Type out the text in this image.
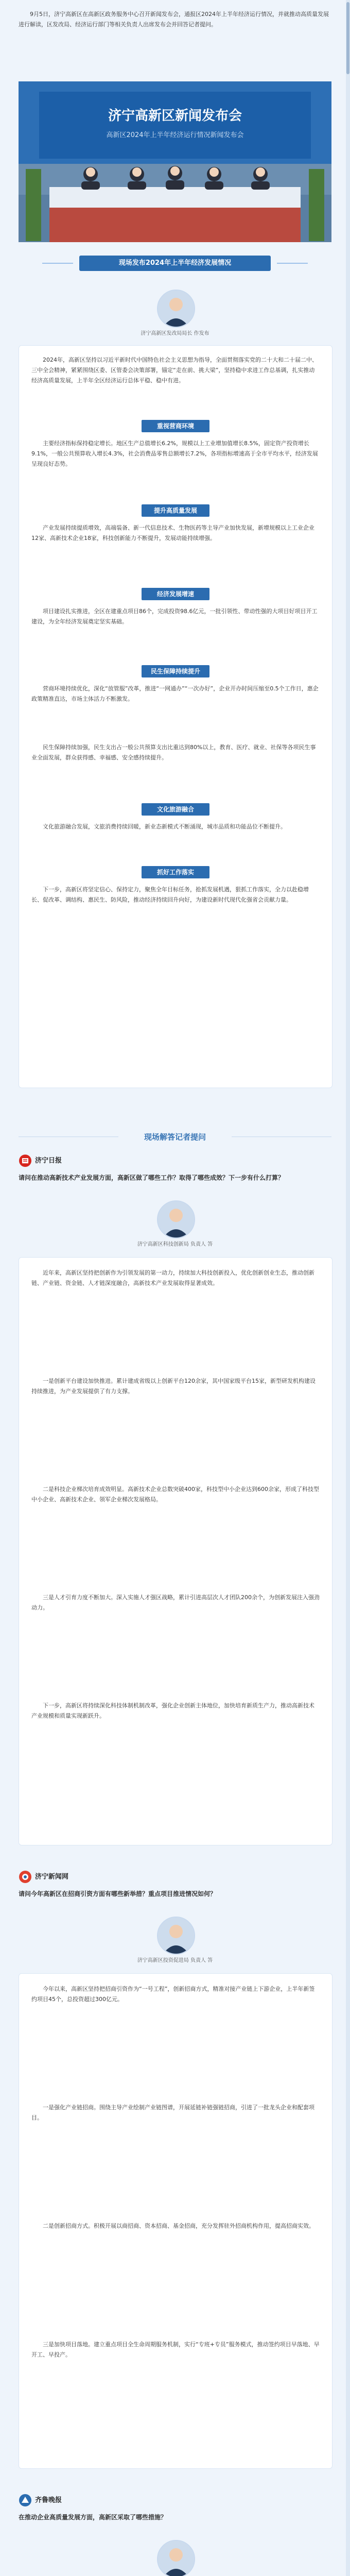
9月5日，济宁高新区在高新区政务服务中心召开新闻发布会，通报区2024年上半年经济运行情况，并就推动高质量发展进行解读，区发改局、经济运行部门等相关负责人出席发布会并回答记者提问。
济宁高新区新闻发布会
高新区2024年上半年经济运行情况新闻发布会
现场发布2024年上半年经济发展情况
济宁高新区发改局局长 作发布
2024年，高新区坚持以习近平新时代中国特色社会主义思想为指导，全面贯彻落实党的二十大和二十届二中、三中全会精神，紧紧围绕区委、区管委会决策部署，锚定“走在前、挑大梁”，坚持稳中求进工作总基调，扎实推动经济高质量发展，上半年全区经济运行总体平稳、稳中有进。
重视营商环境
主要经济指标保持稳定增长。地区生产总值增长6.2%，规模以上工业增加值增长8.5%，固定资产投资增长9.1%，一般公共预算收入增长4.3%，社会消费品零售总额增长7.2%，各项指标增速高于全市平均水平，经济发展呈现良好态势。
提升高质量发展
产业发展持续提质增效，高端装备、新一代信息技术、生物医药等主导产业加快发展，新增规模以上工业企业12家、高新技术企业18家，科技创新能力不断提升，发展动能持续增强。
经济发展增速
项目建设扎实推进，全区在建重点项目86个，完成投资98.6亿元，一批引领性、带动性强的大项目好项目开工建设，为全年经济发展奠定坚实基础。
民生保障持续提升
营商环境持续优化，深化“放管服”改革，推进“一网通办”“一次办好”，企业开办时间压缩至0.5个工作日，惠企政策精准直达，市场主体活力不断激发。
民生保障持续加强，民生支出占一般公共预算支出比重达到80%以上，教育、医疗、就业、社保等各项民生事业全面发展，群众获得感、幸福感、安全感持续提升。
文化旅游融合
文化旅游融合发展，文旅消费持续回暖，新业态新模式不断涌现，城市品质和功能品位不断提升。
抓好工作落实
下一步，高新区将坚定信心、保持定力，聚焦全年目标任务，抢抓发展机遇，狠抓工作落实，全力以赴稳增长、促改革、调结构、惠民生、防风险，推动经济持续回升向好，为建设新时代现代化强省会贡献力量。
现场解答记者提问
济宁日报
请问在推动高新技术产业发展方面，高新区做了哪些工作？取得了哪些成效？下一步有什么打算？
济宁高新区科技创新局 负责人 答
近年来，高新区坚持把创新作为引领发展的第一动力，持续加大科技创新投入，优化创新创业生态，推动创新链、产业链、资金链、人才链深度融合，高新技术产业发展取得显著成效。
一是创新平台建设加快推进。累计建成省级以上创新平台120余家，其中国家级平台15家，新型研发机构建设持续推进，为产业发展提供了有力支撑。
二是科技企业梯次培育成效明显。高新技术企业总数突破400家，科技型中小企业达到600余家，形成了科技型中小企业、高新技术企业、领军企业梯次发展格局。
三是人才引育力度不断加大。深入实施人才强区战略，累计引进高层次人才团队200余个，为创新发展注入强劲动力。
下一步，高新区将持续深化科技体制机制改革，强化企业创新主体地位，加快培育新质生产力，推动高新技术产业规模和质量实现新跃升。
济宁新闻网
请问今年高新区在招商引资方面有哪些新举措？重点项目推进情况如何？
济宁高新区投资促进局 负责人 答
今年以来，高新区坚持把招商引资作为“一号工程”，创新招商方式，精准对接产业链上下游企业，上半年新签约项目45个，总投资超过300亿元。
一是强化产业链招商。围绕主导产业绘制产业链图谱，开展延链补链强链招商，引进了一批龙头企业和配套项目。
二是创新招商方式。积极开展以商招商、资本招商、基金招商，充分发挥驻外招商机构作用，提高招商实效。
三是加快项目落地。建立重点项目全生命周期服务机制，实行“专班+专员”服务模式，推动签约项目早落地、早开工、早投产。
齐鲁晚报
在推动企业高质量发展方面，高新区采取了哪些措施？
